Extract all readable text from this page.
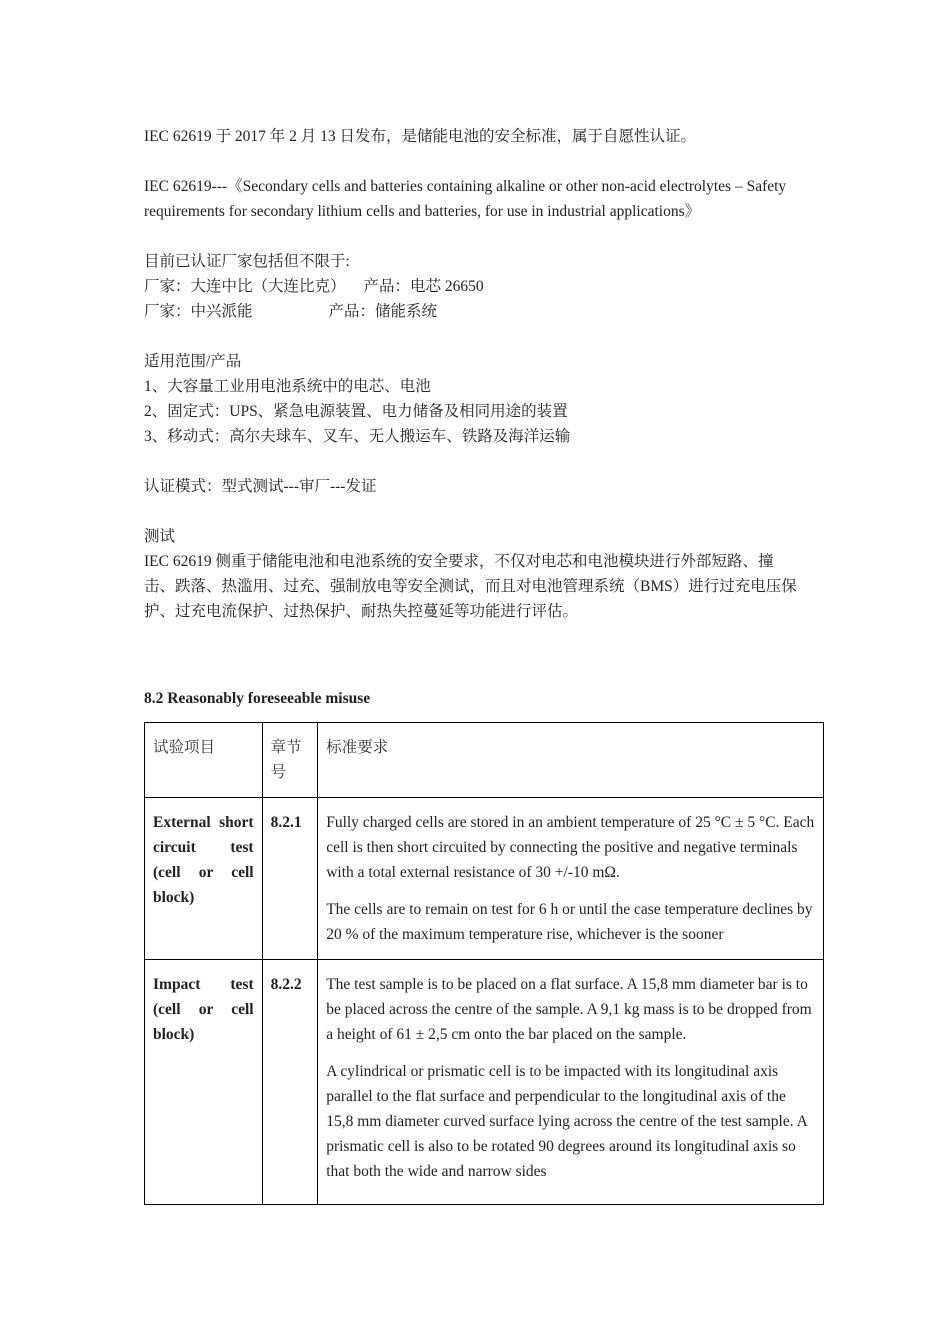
IEC 62619 于 2017 年 2 月 13 日发布，是储能电池的安全标准，属于自愿性认证。

IEC 62619---《Secondary cells and batteries containing alkaline or other non-acid electrolytes – Safety requirements for secondary lithium cells and batteries, for use in industrial applications》

目前已认证厂家包括但不限于:

厂家：大连中比（大连比克） 产品：电芯 26650

厂家：中兴派能	产品：储能系统

适用范围/产品

1、大容量工业用电池系统中的电芯、电池

2、固定式：UPS、紧急电源装置、电力储备及相同用途的装置

3、移动式：高尔夫球车、叉车、无人搬运车、铁路及海洋运输

认证模式：型式测试---审厂---发证

测试

IEC 62619 侧重于储能电池和电池系统的安全要求，不仅对电芯和电池模块进行外部短路、撞击、跌落、热滥用、过充、强制放电等安全测试，而且对电池管理系统（BMS）进行过充电压保护、过充电流保护、过热保护、耐热失控蔓延等功能进行评估。

8.2 Reasonably foreseeable misuse

试验项目	章节号	标准要求
External short circuit test (cell or cell block)	8.2.1	Fully charged cells are stored in an ambient temperature of 25 °C ± 5 °C. Each cell is then short circuited by connecting the positive and negative terminals with a total external resistance of 30 +/-10 mΩ.

The cells are to remain on test for 6 h or until the case temperature declines by 20 % of the maximum temperature rise, whichever is the sooner

Impact test (cell or cell block)	8.2.2	The test sample is to be placed on a flat surface. A 15,8 mm diameter bar is to be placed across the centre of the sample. A 9,1 kg mass is to be dropped from a height of 61 ± 2,5 cm onto the bar placed on the sample.

A cylindrical or prismatic cell is to be impacted with its longitudinal axis parallel to the flat surface and perpendicular to the longitudinal axis of the 15,8 mm diameter curved surface lying across the centre of the test sample. A prismatic cell is also to be rotated 90 degrees around its longitudinal axis so that both the wide and narrow sides
